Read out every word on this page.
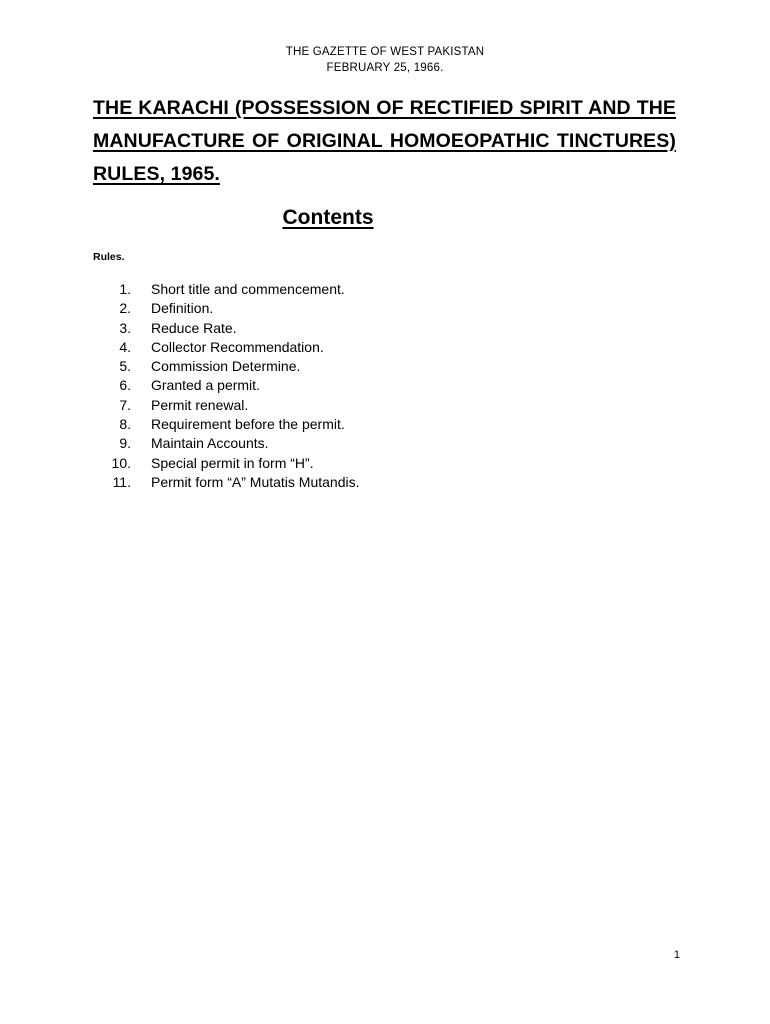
THE GAZETTE OF WEST PAKISTAN
FEBRUARY 25, 1966.
THE KARACHI (POSSESSION OF RECTIFIED SPIRIT AND THE MANUFACTURE OF ORIGINAL HOMOEOPATHIC TINCTURES) RULES, 1965.
Contents
Rules.
1.	Short title and commencement.
2.	Definition.
3.	Reduce Rate.
4.	Collector Recommendation.
5.	Commission Determine.
6.	Granted a permit.
7.	Permit renewal.
8.	Requirement before the permit.
9.	Maintain Accounts.
10.	Special permit in form “H”.
11.	Permit form “A” Mutatis Mutandis.
1
